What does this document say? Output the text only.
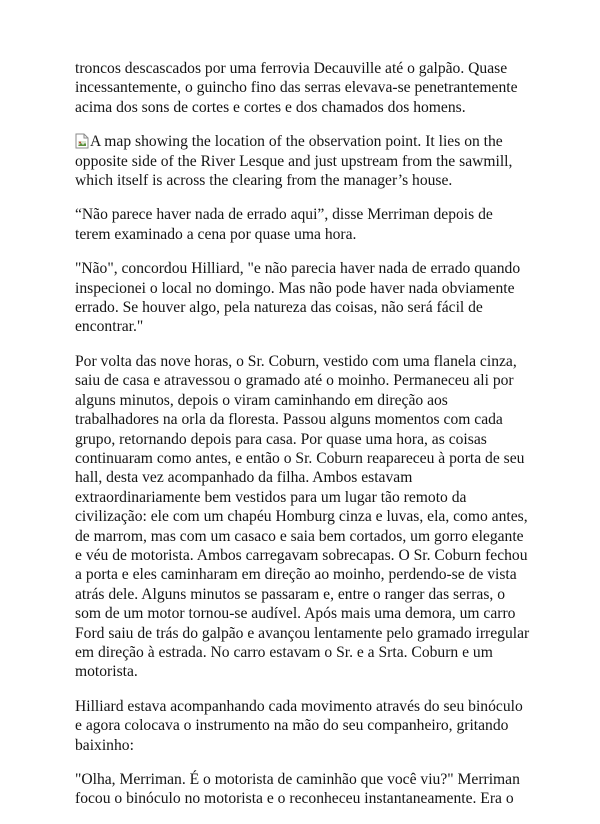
troncos descascados por uma ferrovia Decauville até o galpão. Quase incessantemente, o guincho fino das serras elevava-se penetrantemente acima dos sons de cortes e cortes e dos chamados dos homens.

A map showing the location of the observation point. It lies on the opposite side of the River Lesque and just upstream from the sawmill, which itself is across the clearing from the manager’s house.

“Não parece haver nada de errado aqui”, disse Merriman depois de terem examinado a cena por quase uma hora.

"Não", concordou Hilliard, "e não parecia haver nada de errado quando inspecionei o local no domingo. Mas não pode haver nada obviamente errado. Se houver algo, pela natureza das coisas, não será fácil de encontrar."

Por volta das nove horas, o Sr. Coburn, vestido com uma flanela cinza, saiu de casa e atravessou o gramado até o moinho. Permaneceu ali por alguns minutos, depois o viram caminhando em direção aos trabalhadores na orla da floresta. Passou alguns momentos com cada grupo, retornando depois para casa. Por quase uma hora, as coisas continuaram como antes, e então o Sr. Coburn reapareceu à porta de seu hall, desta vez acompanhado da filha. Ambos estavam extraordinariamente bem vestidos para um lugar tão remoto da civilização: ele com um chapéu Homburg cinza e luvas, ela, como antes, de marrom, mas com um casaco e saia bem cortados, um gorro elegante e véu de motorista. Ambos carregavam sobrecapas. O Sr. Coburn fechou a porta e eles caminharam em direção ao moinho, perdendo-se de vista atrás dele. Alguns minutos se passaram e, entre o ranger das serras, o som de um motor tornou-se audível. Após mais uma demora, um carro Ford saiu de trás do galpão e avançou lentamente pelo gramado irregular em direção à estrada. No carro estavam o Sr. e a Srta. Coburn e um motorista.

Hilliard estava acompanhando cada movimento através do seu binóculo e agora colocava o instrumento na mão do seu companheiro, gritando baixinho:

"Olha, Merriman. É o motorista de caminhão que você viu?" Merriman focou o binóculo no motorista e o reconheceu instantaneamente. Era o
